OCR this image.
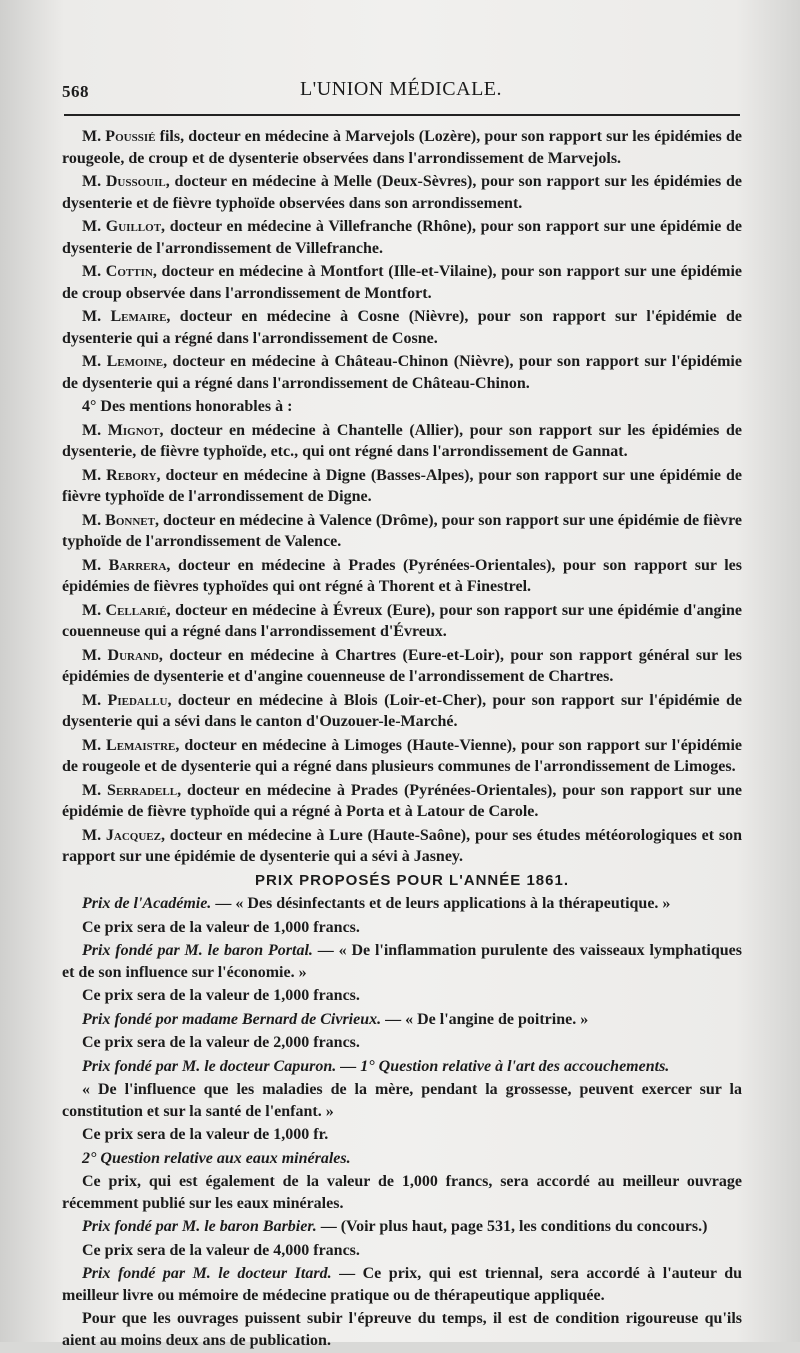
568	L'UNION MÉDICALE.

M. Poussié fils, docteur en médecine à Marvejols (Lozère), pour son rapport sur les épidémies de rougeole, de croup et de dysenterie observées dans l'arrondissement de Marvejols.

M. Dussouil, docteur en médecine à Melle (Deux-Sèvres), pour son rapport sur les épidémies de dysenterie et de fièvre typhoïde observées dans son arrondissement.

M. Guillot, docteur en médecine à Villefranche (Rhône), pour son rapport sur une épidémie de dysenterie de l'arrondissement de Villefranche.

M. Cottin, docteur en médecine à Montfort (Ille-et-Vilaine), pour son rapport sur une épidémie de croup observée dans l'arrondissement de Montfort.

M. Lemaire, docteur en médecine à Cosne (Nièvre), pour son rapport sur l'épidémie de dysenterie qui a régné dans l'arrondissement de Cosne.

M. Lemoine, docteur en médecine à Château-Chinon (Nièvre), pour son rapport sur l'épidémie de dysenterie qui a régné dans l'arrondissement de Château-Chinon.

4° Des mentions honorables à :

M. Mignot, docteur en médecine à Chantelle (Allier), pour son rapport sur les épidémies de dysenterie, de fièvre typhoïde, etc., qui ont régné dans l'arrondissement de Gannat.

M. Rebory, docteur en médecine à Digne (Basses-Alpes), pour son rapport sur une épidémie de fièvre typhoïde de l'arrondissement de Digne.

M. Bonnet, docteur en médecine à Valence (Drôme), pour son rapport sur une épidémie de fièvre typhoïde de l'arrondissement de Valence.

M. Barrera, docteur en médecine à Prades (Pyrénées-Orientales), pour son rapport sur les épidémies de fièvres typhoïdes qui ont régné à Thorent et à Finestrel.

M. Cellarié, docteur en médecine à Évreux (Eure), pour son rapport sur une épidémie d'angine couenneuse qui a régné dans l'arrondissement d'Évreux.

M. Durand, docteur en médecine à Chartres (Eure-et-Loir), pour son rapport général sur les épidémies de dysenterie et d'angine couenneuse de l'arrondissement de Chartres.

M. Piedallu, docteur en médecine à Blois (Loir-et-Cher), pour son rapport sur l'épidémie de dysenterie qui a sévi dans le canton d'Ouzouer-le-Marché.

M. Lemaistre, docteur en médecine à Limoges (Haute-Vienne), pour son rapport sur l'épidémie de rougeole et de dysenterie qui a régné dans plusieurs communes de l'arrondissement de Limoges.

M. Serradell, docteur en médecine à Prades (Pyrénées-Orientales), pour son rapport sur une épidémie de fièvre typhoïde qui a régné à Porta et à Latour de Carole.

M. Jacquez, docteur en médecine à Lure (Haute-Saône), pour ses études météorologiques et son rapport sur une épidémie de dysenterie qui a sévi à Jasney.

PRIX PROPOSÉS POUR L'ANNÉE 1861.

Prix de l'Académie. — « Des désinfectants et de leurs applications à la thérapeutique. »

Ce prix sera de la valeur de 1,000 francs.

Prix fondé par M. le baron Portal. — « De l'inflammation purulente des vaisseaux lymphatiques et de son influence sur l'économie. »

Ce prix sera de la valeur de 1,000 francs.

Prix fondé por madame Bernard de Civrieux. — « De l'angine de poitrine. »

Ce prix sera de la valeur de 2,000 francs.

Prix fondé par M. le docteur Capuron. — 1° Question relative à l'art des accouchements.

« De l'influence que les maladies de la mère, pendant la grossesse, peuvent exercer sur la constitution et sur la santé de l'enfant. »

Ce prix sera de la valeur de 1,000 fr.

2° Question relative aux eaux minérales.

Ce prix, qui est également de la valeur de 1,000 francs, sera accordé au meilleur ouvrage récemment publié sur les eaux minérales.

Prix fondé par M. le baron Barbier. — (Voir plus haut, page 531, les conditions du concours.)

Ce prix sera de la valeur de 4,000 francs.

Prix fondé par M. le docteur Itard. — Ce prix, qui est triennal, sera accordé à l'auteur du meilleur livre ou mémoire de médecine pratique ou de thérapeutique appliquée.

Pour que les ouvrages puissent subir l'épreuve du temps, il est de condition rigoureuse qu'ils aient au moins deux ans de publication.
